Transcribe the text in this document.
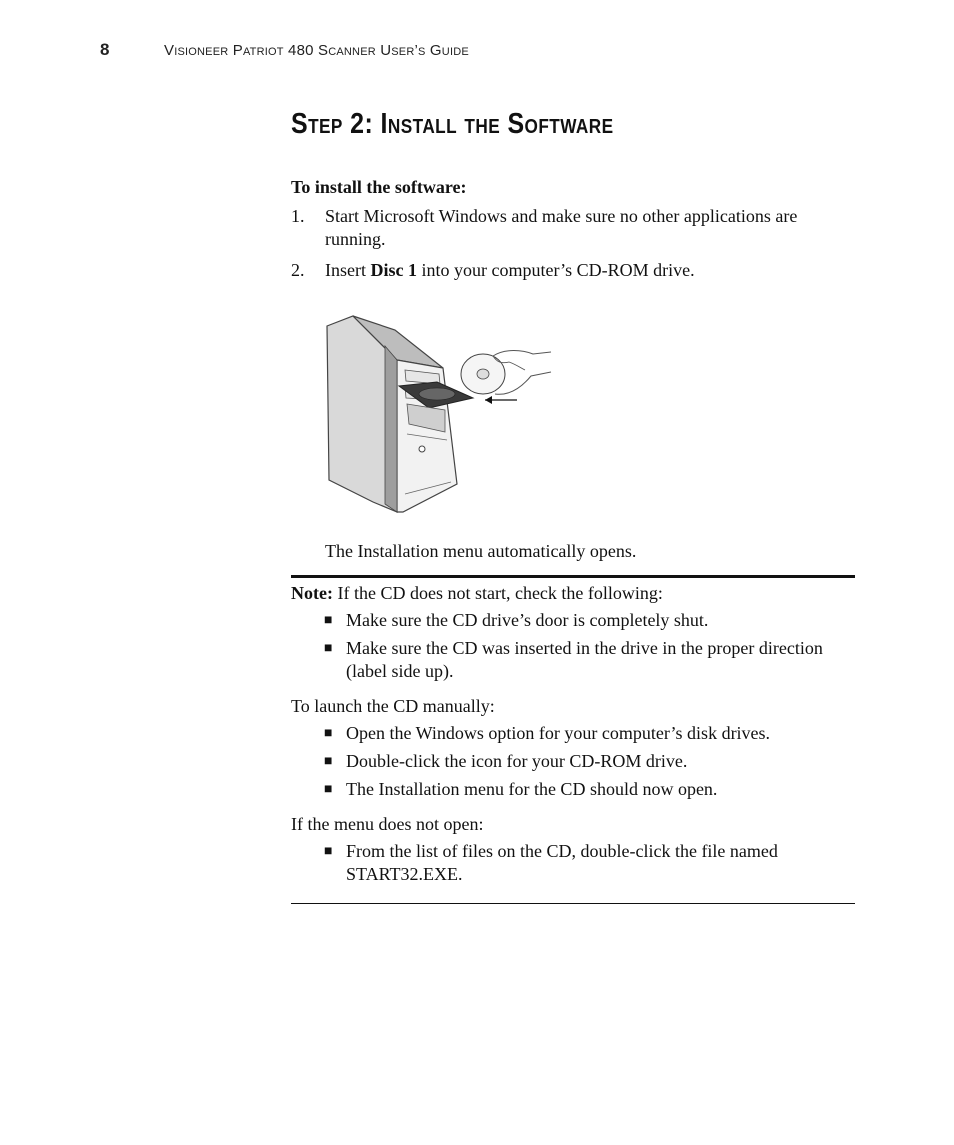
8	Visioneer Patriot 480 Scanner User’s Guide
Step 2: Install the Software

To install the software:

1.	Start Microsoft Windows and make sure no other applications are running.
2.	Insert Disc 1 into your computer’s CD-ROM drive.

The Installation menu automatically opens.

Note: If the CD does not start, check the following:

■ Make sure the CD drive’s door is completely shut.
■ Make sure the CD was inserted in the drive in the proper direction (label side up).

To launch the CD manually:

■ Open the Windows option for your computer’s disk drives.
■ Double-click the icon for your CD-ROM drive.
■ The Installation menu for the CD should now open.

If the menu does not open:

■ From the list of files on the CD, double-click the file named START32.EXE.
